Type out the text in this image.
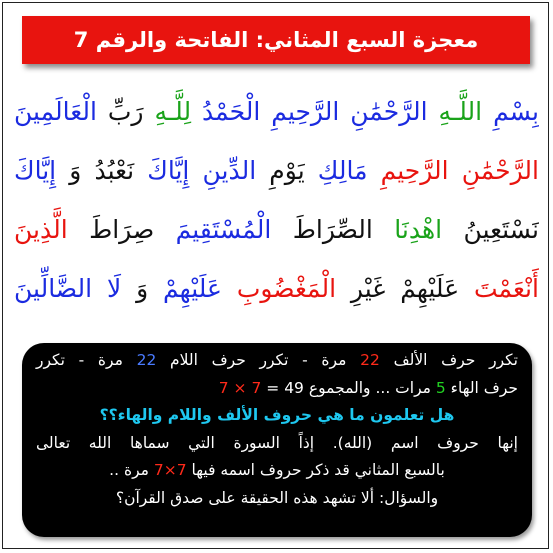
معجزة السبع المثاني: الفاتحة والرقم 7
بِسْمِ اللَّـهِ الرَّحْمَٰنِ الرَّحِيمِ الْحَمْدُ لِلَّـهِ رَبِّ الْعَالَمِينَ
الرَّحْمَٰنِ الرَّحِيمِ مَالِكِ يَوْمِ الدِّينِ إِيَّاكَ نَعْبُدُ وَ إِيَّاكَ
نَسْتَعِينُ اهْدِنَا الصِّرَاطَ الْمُسْتَقِيمَ صِرَاطَ الَّذِينَ
أَنْعَمْتَ عَلَيْهِمْ غَيْرِ الْمَغْضُوبِ عَلَيْهِمْ وَ لَا الضَّالِّينَ
تكرر حرف الألف 22 مرة - تكرر حرف اللام 22 مرة - تكرر
حرف الهاء 5 مرات ... والمجموع 49 = 7 × 7
هل تعلمون ما هي حروف الألف واللام والهاء؟؟
إنها حروف اسم (الله). إذاً السورة التي سماها الله تعالى
بالسبع المثاني قد ذكر حروف اسمه فيها 7×7 مرة ..
والسؤال: ألا تشهد هذه الحقيقة على صدق القرآن؟
